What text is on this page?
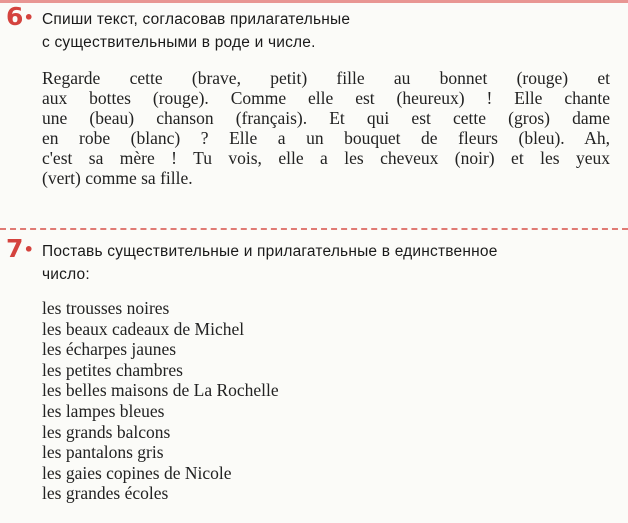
6• Спиши текст, согласовав прилагательные
с существительными в роде и числе.
Regarde cette (brave, petit) fille au bonnet (rouge) et
aux bottes (rouge). Comme elle est (heureux) ! Elle chante
une (beau) chanson (français). Et qui est cette (gros) dame
en robe (blanc) ? Elle a un bouquet de fleurs (bleu). Ah,
c'est sa mère ! Tu vois, elle a les cheveux (noir) et les yeux
(vert) comme sa fille.
7• Поставь существительные и прилагательные в единственное
число:
les trousses noires
les beaux cadeaux de Michel
les écharpes jaunes
les petites chambres
les belles maisons de La Rochelle
les lampes bleues
les grands balcons
les pantalons gris
les gaies copines de Nicole
les grandes écoles
